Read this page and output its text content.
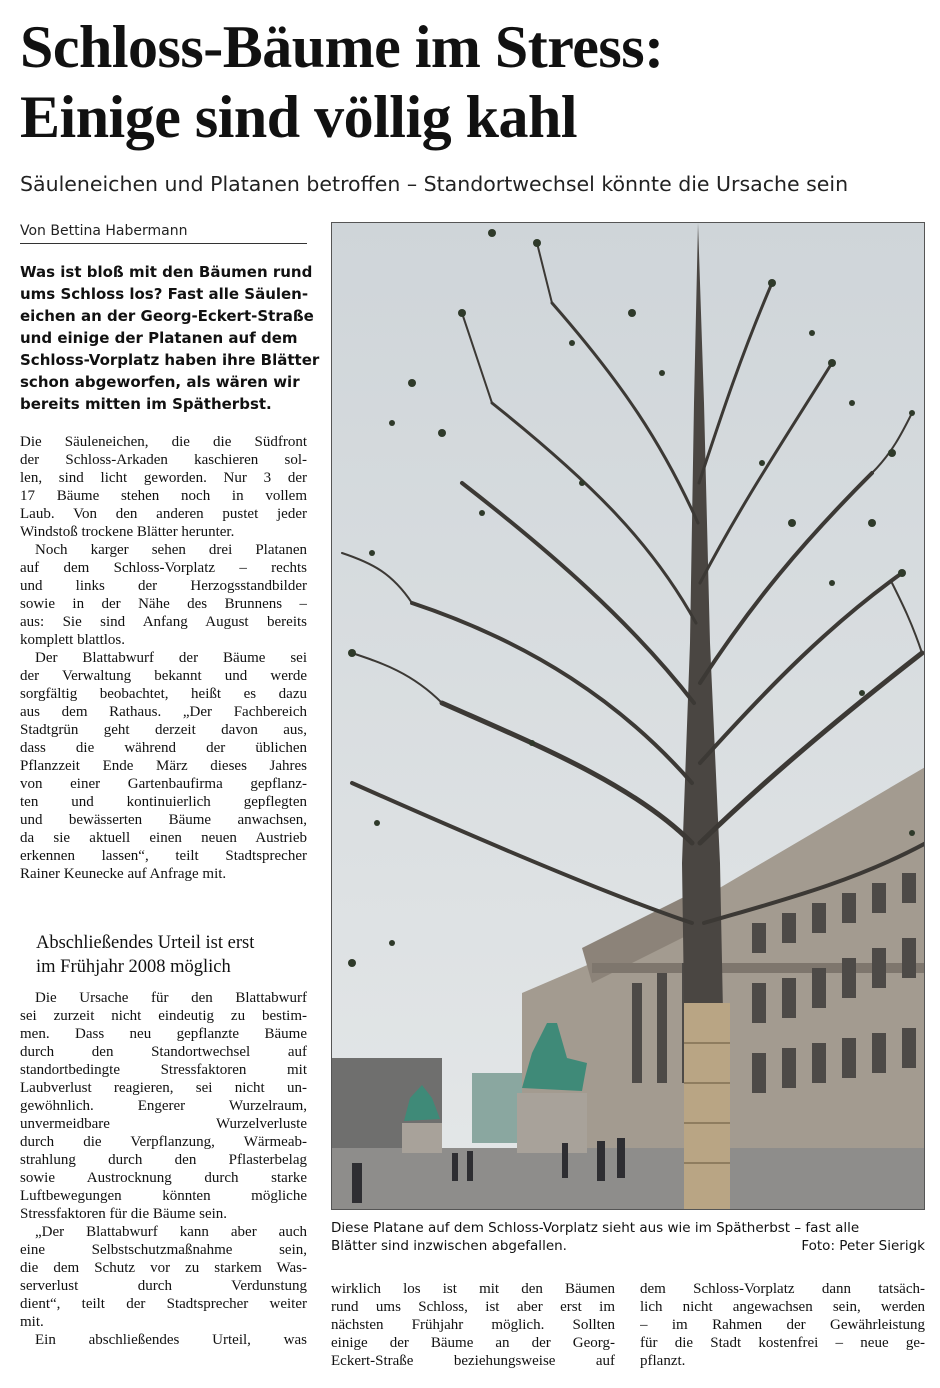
Schloss-Bäume im Stress:
Einige sind völlig kahl
Säuleneichen und Platanen betroffen – Standortwechsel könnte die Ursache sein
Von Bettina Habermann
Was ist bloß mit den Bäumen rund
ums Schloss los? Fast alle Säulen-
eichen an der Georg-Eckert-Straße
und einige der Platanen auf dem
Schloss-Vorplatz haben ihre Blätter
schon abgeworfen, als wären wir
bereits mitten im Spätherbst.
Die Säuleneichen, die die Südfront
der Schloss-Arkaden kaschieren sol-
len, sind licht geworden. Nur 3 der
17 Bäume stehen noch in vollem
Laub. Von den anderen pustet jeder
Windstoß trockene Blätter herunter.
Noch karger sehen drei Platanen
auf dem Schloss-Vorplatz – rechts
und links der Herzogsstandbilder
sowie in der Nähe des Brunnens –
aus: Sie sind Anfang August bereits
komplett blattlos.
Der Blattabwurf der Bäume sei
der Verwaltung bekannt und werde
sorgfältig beobachtet, heißt es dazu
aus dem Rathaus. „Der Fachbereich
Stadtgrün geht derzeit davon aus,
dass die während der üblichen
Pflanzzeit Ende März dieses Jahres
von einer Gartenbaufirma gepflanz-
ten und kontinuierlich gepflegten
und bewässerten Bäume anwachsen,
da sie aktuell einen neuen Austrieb
erkennen lassen“, teilt Stadtsprecher
Rainer Keunecke auf Anfrage mit.
Abschließendes Urteil ist erst
im Frühjahr 2008 möglich
Die Ursache für den Blattabwurf
sei zurzeit nicht eindeutig zu bestim-
men. Dass neu gepflanzte Bäume
durch den Standortwechsel auf
standortbedingte Stressfaktoren mit
Laubverlust reagieren, sei nicht un-
gewöhnlich. Engerer Wurzelraum,
unvermeidbare Wurzelverluste
durch die Verpflanzung, Wärmeab-
strahlung durch den Pflasterbelag
sowie Austrocknung durch starke
Luftbewegungen könnten mögliche
Stressfaktoren für die Bäume sein.
„Der Blattabwurf kann aber auch
eine Selbstschutzmaßnahme sein,
die dem Schutz vor zu starkem Was-
serverlust durch Verdunstung
dient“, teilt der Stadtsprecher weiter
mit.
Ein abschließendes Urteil, was
Diese Platane auf dem Schloss-Vorplatz sieht aus wie im Spätherbst – fast alle
Blätter sind inzwischen abgefallen.	Foto: Peter Sierigk
wirklich los ist mit den Bäumen
rund ums Schloss, ist aber erst im
nächsten Frühjahr möglich. Sollten
einige der Bäume an der Georg-
Eckert-Straße beziehungsweise auf
dem Schloss-Vorplatz dann tatsäch-
lich nicht angewachsen sein, werden
– im Rahmen der Gewährleistung
für die Stadt kostenfrei – neue ge-
pflanzt.
